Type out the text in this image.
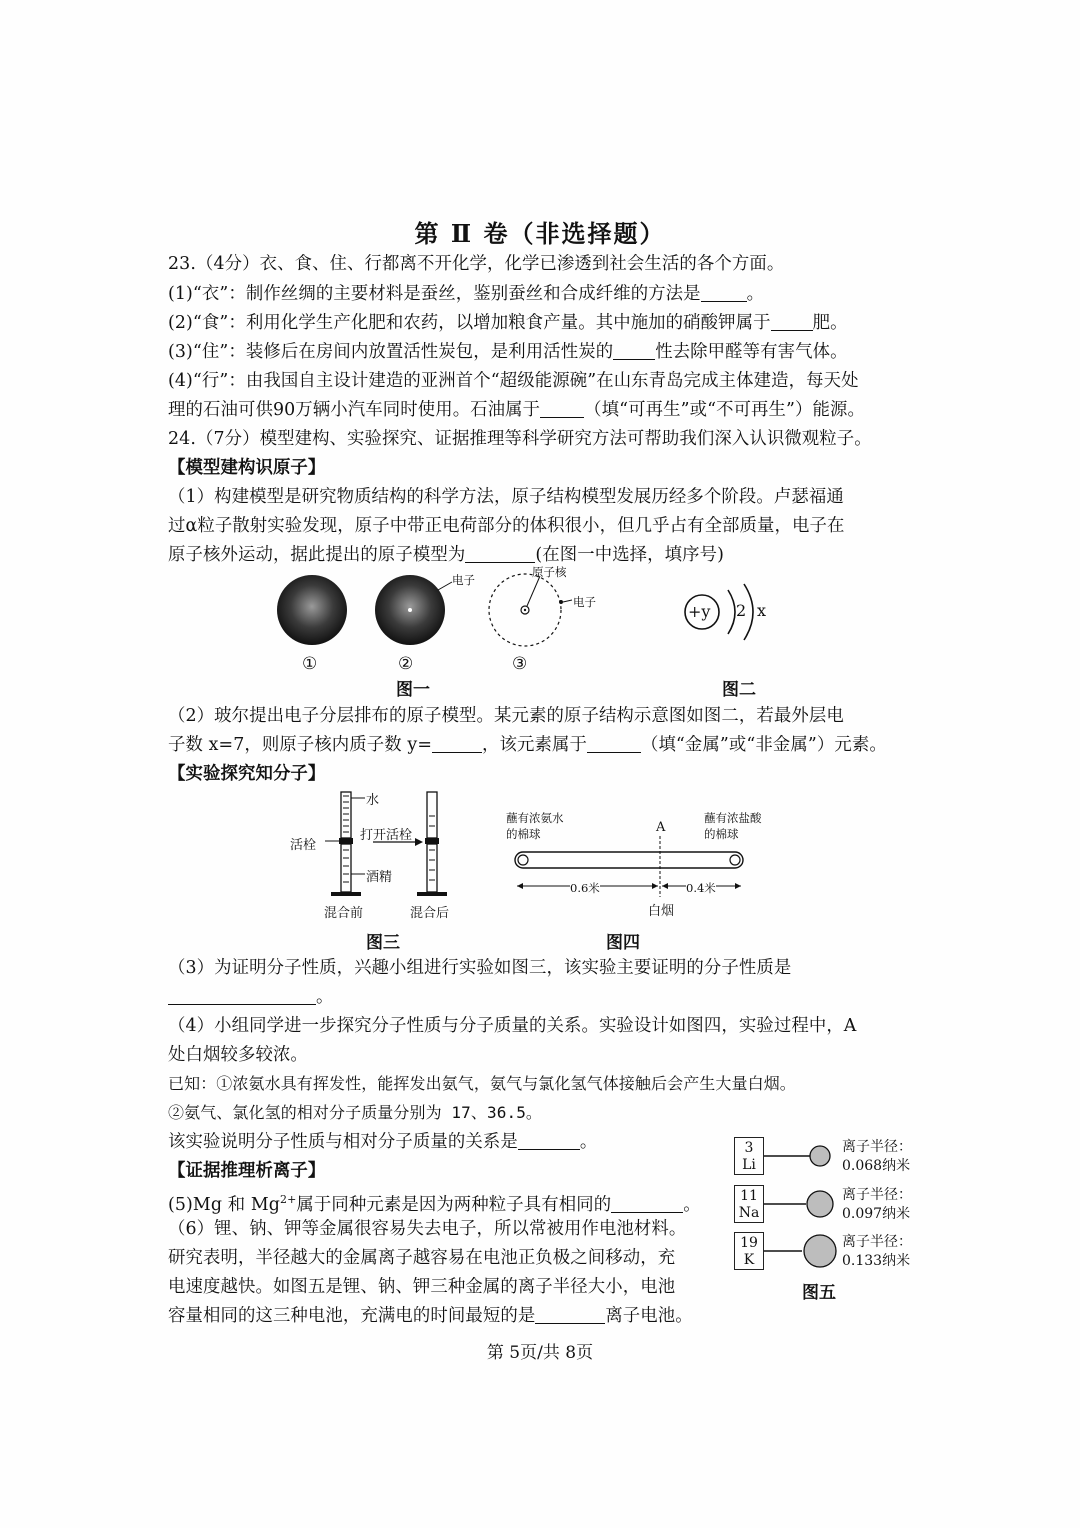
第 Ⅱ 卷（非选择题）
23.（4分）衣、食、住、行都离不开化学，化学已渗透到社会生活的各个方面。
(1)“衣”：制作丝绸的主要材料是蚕丝，鉴别蚕丝和合成纤维的方法是	。
(2)“食”：利用化学生产化肥和农药，以增加粮食产量。其中施加的硝酸钾属于 肥。
(3)“住”：装修后在房间内放置活性炭包，是利用活性炭的 性去除甲醛等有害气体。
(4)“行”：由我国自主设计建造的亚洲首个“超级能源碗”在山东青岛完成主体建造，每天处
理的石油可供90万辆小汽车同时使用。石油属于	（填“可再生”或“不可再生”）能源。
24.（7分）模型建构、实验探究、证据推理等科学研究方法可帮助我们深入认识微观粒子。
【模型建构识原子】
（1）构建模型是研究物质结构的科学方法，原子结构模型发展历经多个阶段。卢瑟福通
过α粒子散射实验发现，原子中带正电荷部分的体积很小，但几乎占有全部质量，电子在
原子核外运动，据此提出的原子模型为	(在图一中选择，填序号)
电子
原子核
电子	+y 2 x
①	②	③
图一	图二
（2）玻尔提出电子分层排布的原子模型。某元素的原子结构示意图如图二，若最外层电
子数 x=7，则原子核内质子数 y=	，该元素属于	（填“金属”或“非金属”）元素。
【实验探究知分子】
水
活栓
打开活栓
酒精
混合前	混合后
图三
蘸有浓氨水
的棉球	A
蘸有浓盐酸
的棉球
0.6米	0.4米
白烟
图四
（3）为证明分子性质，兴趣小组进行实验如图三，该实验主要证明的分子性质是
。
（4）小组同学进一步探究分子性质与分子质量的关系。实验设计如图四，实验过程中，A
处白烟较多较浓。
已知：①浓氨水具有挥发性，能挥发出氨气，氨气与氯化氢气体接触后会产生大量白烟。
②氨气、氯化氢的相对分子质量分别为 17、36.5。
该实验说明分子性质与相对分子质量的关系是	。
【证据推理析离子】
(5)Mg 和 $Mg^{2+}$属于同种元素是因为两种粒子具有相同的	。
（6）锂、钠、钾等金属很容易失去电子，所以常被用作电池材料。
研究表明，半径越大的金属离子越容易在电池正负极之间移动，充
电速度越快。如图五是锂、钠、钾三种金属的离子半径大小，电池
容量相同的这三种电池，充满电的时间最短的是	离子电池。
3
Li
11
Na
19
K
离子半径：
0.068纳米
离子半径：
0.097纳米
离子半径：
0.133纳米
图五
第 5页/共 8页
